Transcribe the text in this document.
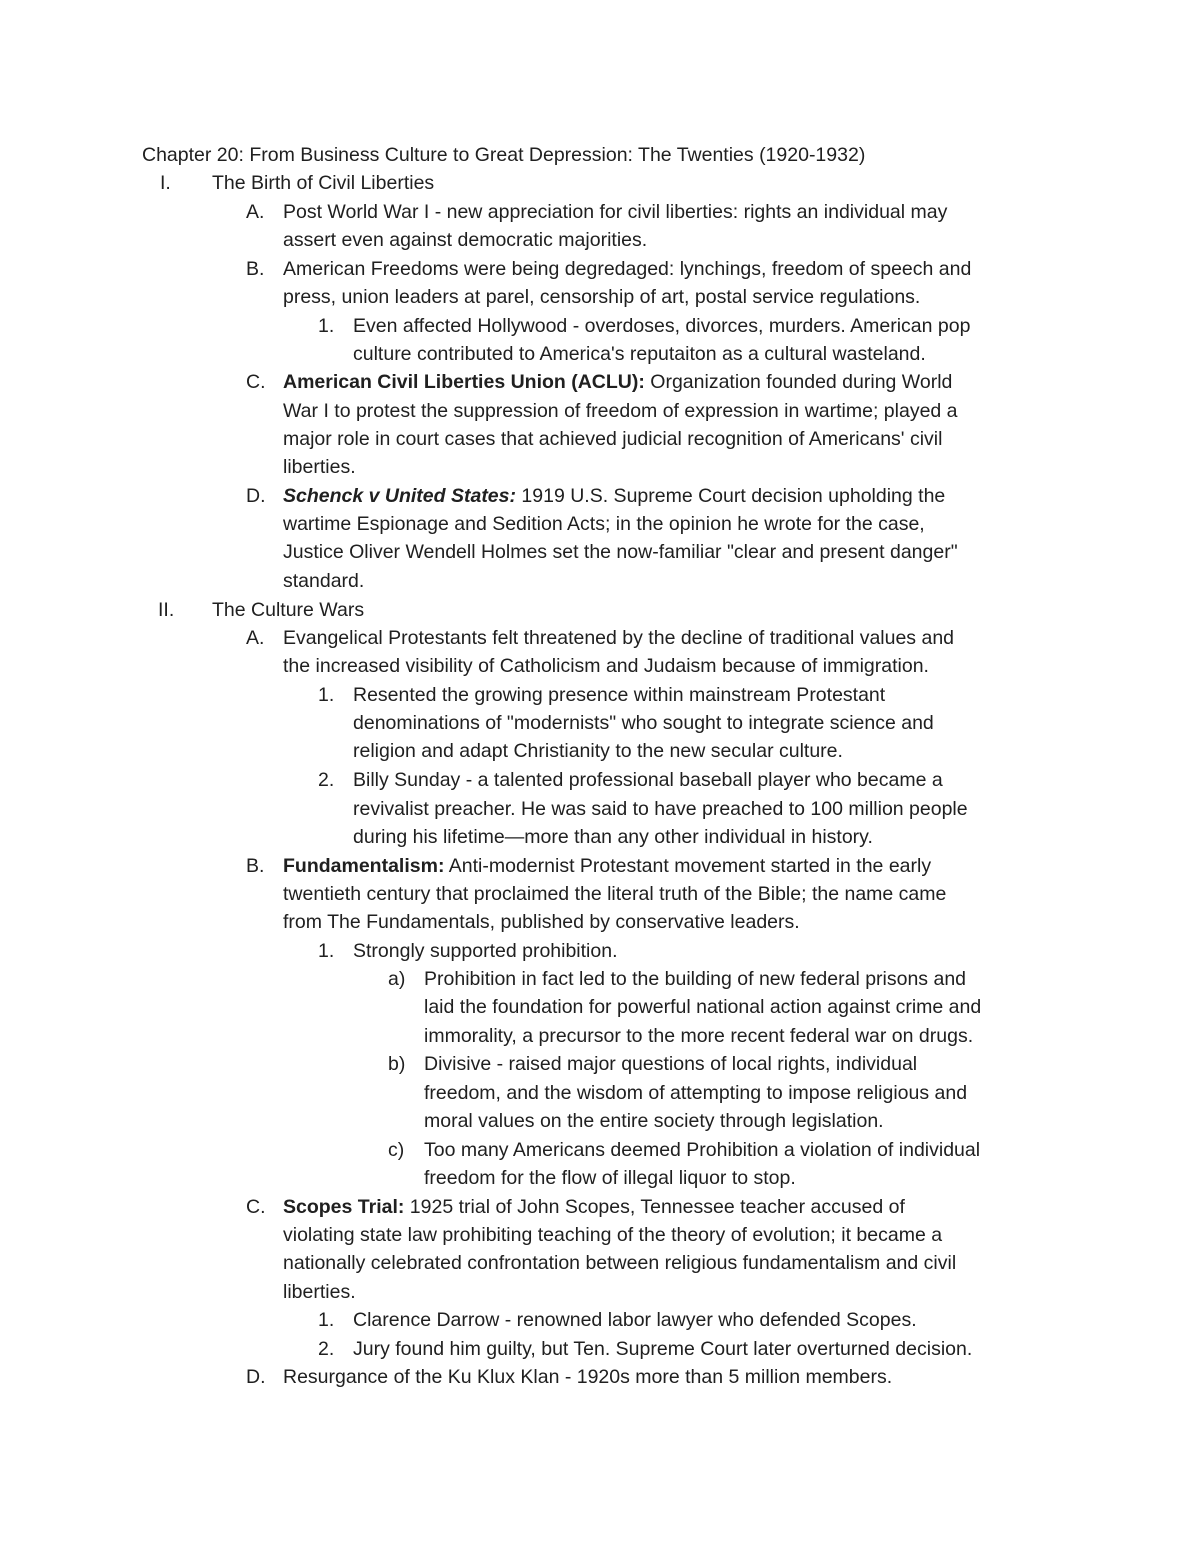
Chapter 20: From Business Culture to Great Depression: The Twenties (1920-1932)
I. The Birth of Civil Liberties
A. Post World War I - new appreciation for civil liberties: rights an individual may
assert even against democratic majorities.
B. American Freedoms were being degredaged: lynchings, freedom of speech and
press, union leaders at parel, censorship of art, postal service regulations.
1. Even affected Hollywood - overdoses, divorces, murders. American pop
culture contributed to America's reputaiton as a cultural wasteland.
C. American Civil Liberties Union (ACLU): Organization founded during World
War I to protest the suppression of freedom of expression in wartime; played a
major role in court cases that achieved judicial recognition of Americans' civil
liberties.
D. Schenck v United States: 1919 U.S. Supreme Court decision upholding the
wartime Espionage and Sedition Acts; in the opinion he wrote for the case,
Justice Oliver Wendell Holmes set the now-familiar "clear and present danger"
standard.
II. The Culture Wars
A. Evangelical Protestants felt threatened by the decline of traditional values and
the increased visibility of Catholicism and Judaism because of immigration.
1. Resented the growing presence within mainstream Protestant
denominations of "modernists" who sought to integrate science and
religion and adapt Christianity to the new secular culture.
2. Billy Sunday - a talented professional baseball player who became a
revivalist preacher. He was said to have preached to 100 million people
during his lifetime—more than any other individual in history.
B. Fundamentalism: Anti-modernist Protestant movement started in the early
twentieth century that proclaimed the literal truth of the Bible; the name came
from The Fundamentals, published by conservative leaders.
1. Strongly supported prohibition.
a) Prohibition in fact led to the building of new federal prisons and
laid the foundation for powerful national action against crime and
immorality, a precursor to the more recent federal war on drugs.
b) Divisive - raised major questions of local rights, individual
freedom, and the wisdom of attempting to impose religious and
moral values on the entire society through legislation.
c) Too many Americans deemed Prohibition a violation of individual
freedom for the flow of illegal liquor to stop.
C. Scopes Trial: 1925 trial of John Scopes, Tennessee teacher accused of
violating state law prohibiting teaching of the theory of evolution; it became a
nationally celebrated confrontation between religious fundamentalism and civil
liberties.
1. Clarence Darrow - renowned labor lawyer who defended Scopes.
2. Jury found him guilty, but Ten. Supreme Court later overturned decision.
D. Resurgance of the Ku Klux Klan - 1920s more than 5 million members.
